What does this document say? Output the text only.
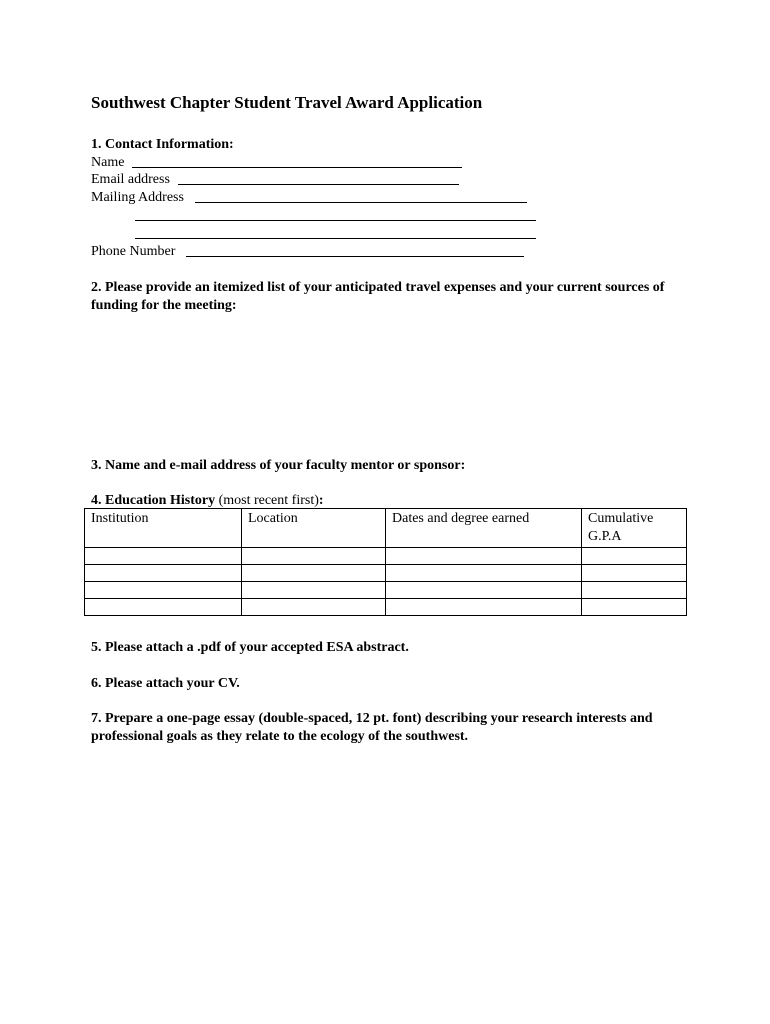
Southwest Chapter Student Travel Award Application
1. Contact Information:
Name
Email address
Mailing Address
Phone Number
2. Please provide an itemized list of your anticipated travel expenses and your current sources of funding for the meeting:
3. Name and e-mail address of your faculty mentor or sponsor:
4. Education History (most recent first):
Institution	Location	Dates and degree earned	Cumulative G.P.A

5. Please attach a .pdf of your accepted ESA abstract.
6. Please attach your CV.
7. Prepare a one-page essay (double-spaced, 12 pt. font) describing your research interests and professional goals as they relate to the ecology of the southwest.
